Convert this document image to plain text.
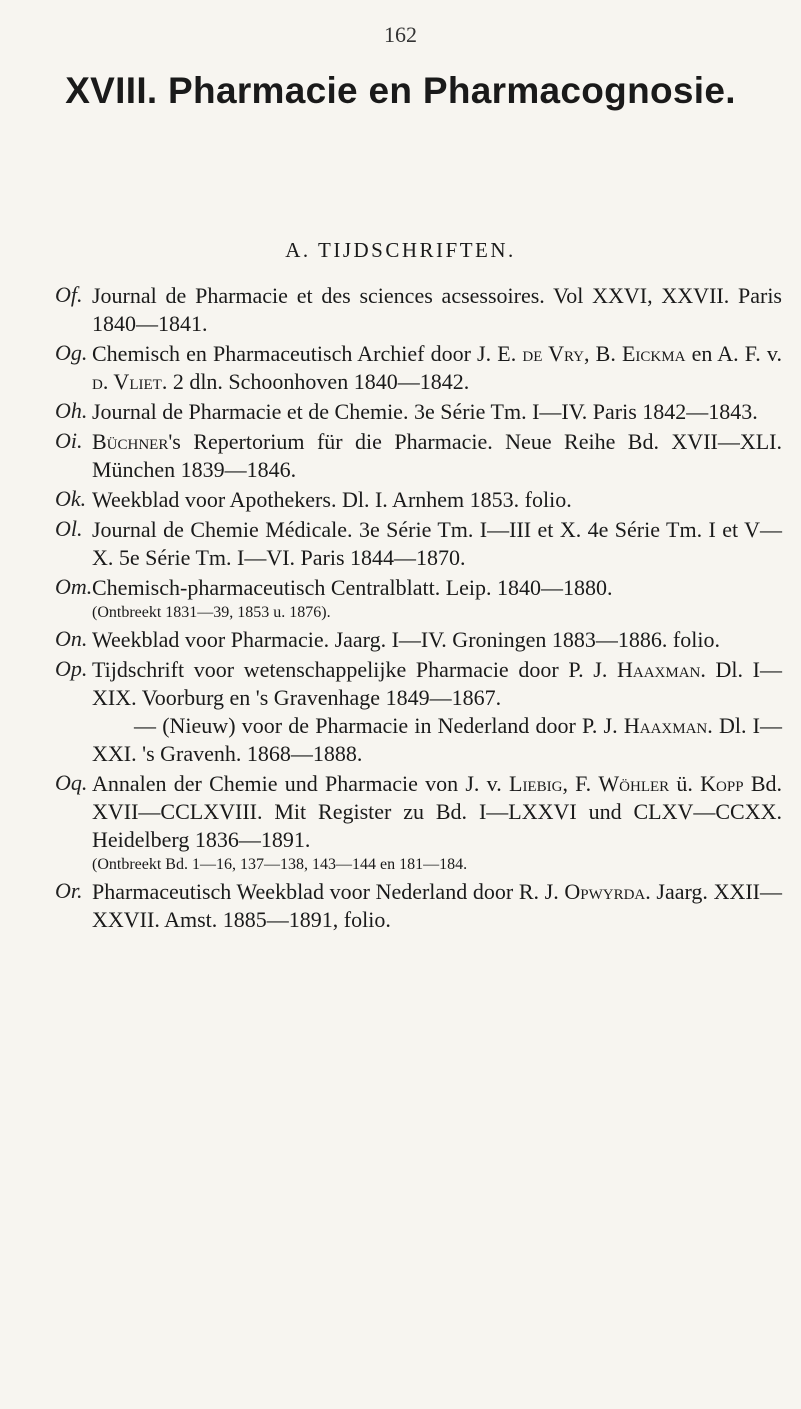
162
XVIII. Pharmacie en Pharmacognosie.
A. TIJDSCHRIFTEN.
Of. Journal de Pharmacie et des sciences acsessoires. Vol XXVI, XXVII. Paris 1840—1841.
Og. Chemisch en Pharmaceutisch Archief door J. E. de Vry, B. Eickma en A. F. v. d. Vliet. 2 dln. Schoonhoven 1840—1842.
Oh. Journal de Pharmacie et de Chemie. 3e Série Tm. I—IV. Paris 1842—1843.
Oi. Büchner's Repertorium für die Pharmacie. Neue Reihe Bd. XVII—XLI. München 1839—1846.
Ok. Weekblad voor Apothekers. Dl. I. Arnhem 1853. folio.
Ol. Journal de Chemie Médicale. 3e Série Tm. I—III et X. 4e Série Tm. I et V—X. 5e Série Tm. I—VI. Paris 1844—1870.
Om. Chemisch-pharmaceutisch Centralblatt. Leip. 1840—1880.
(Ontbreekt 1831—39, 1853 u. 1876).
On. Weekblad voor Pharmacie. Jaarg. I—IV. Groningen 1883—1886. folio.
Op. Tijdschrift voor wetenschappelijke Pharmacie door P. J. Haaxman. Dl. I—XIX. Voorburg en 's Gravenhage 1849—1867.
— (Nieuw) voor de Pharmacie in Nederland door P. J. Haaxman. Dl. I—XXI. 's Gravenh. 1868—1888.
Oq. Annalen der Chemie und Pharmacie von J. v. Liebig, F. Wöhler ü. Kopp Bd. XVII—CCLXVIII. Mit Register zu Bd. I—LXXVI und CLXV—CCXX. Heidelberg 1836—1891.
(Ontbreekt Bd. 1—16, 137—138, 143—144 en 181—184.
Or. Pharmaceutisch Weekblad voor Nederland door R. J. Opwyrda. Jaarg. XXII—XXVII. Amst. 1885—1891, folio.
